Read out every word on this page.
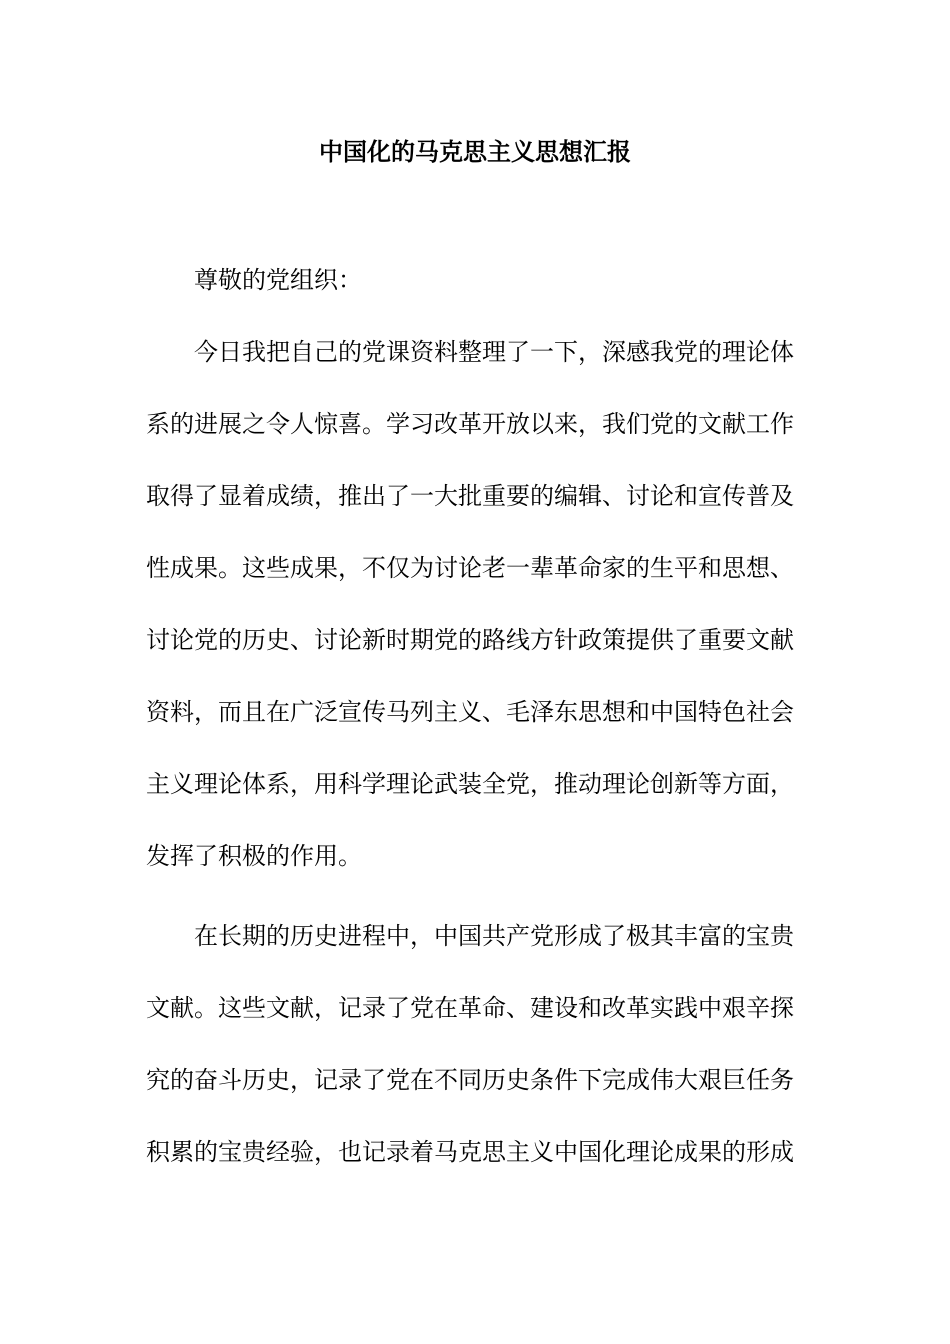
中国化的马克思主义思想汇报
尊敬的党组织：
今日我把自己的党课资料整理了一下，深感我党的理论体
系的进展之令人惊喜。学习改革开放以来，我们党的文献工作
取得了显着成绩，推出了一大批重要的编辑、讨论和宣传普及
性成果。这些成果，不仅为讨论老一辈革命家的生平和思想、
讨论党的历史、讨论新时期党的路线方针政策提供了重要文献
资料，而且在广泛宣传马列主义、毛泽东思想和中国特色社会
主义理论体系，用科学理论武装全党，推动理论创新等方面，
发挥了积极的作用。
在长期的历史进程中，中国共产党形成了极其丰富的宝贵
文献。这些文献，记录了党在革命、建设和改革实践中艰辛探
究的奋斗历史，记录了党在不同历史条件下完成伟大艰巨任务
积累的宝贵经验，也记录着马克思主义中国化理论成果的形成
